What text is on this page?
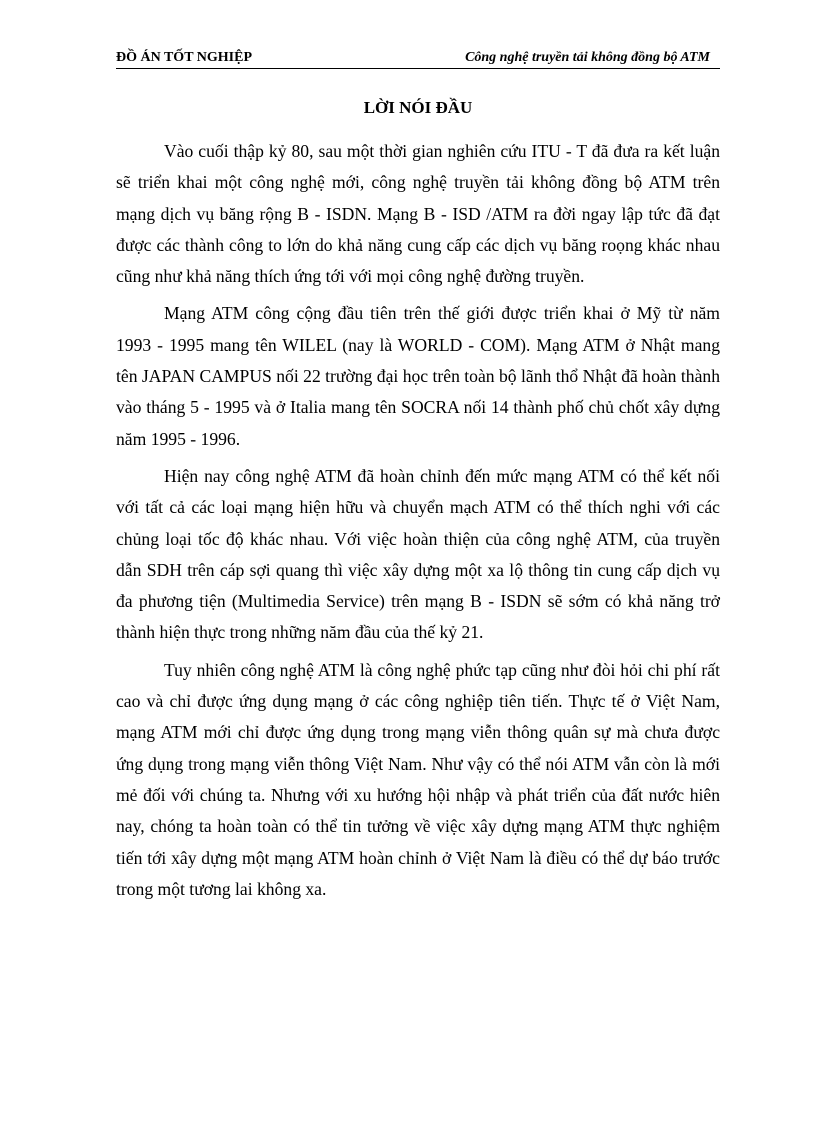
ĐỒ ÁN TỐT NGHIỆP	Công nghệ truyền tải không đồng bộ ATM
LỜI NÓI ĐẦU

Vào cuối thập kỷ 80, sau một thời gian nghiên cứu ITU - T đã đưa ra kết luận sẽ triển khai một công nghệ mới, công nghệ truyền tải không đồng bộ ATM trên mạng dịch vụ băng rộng B - ISDN. Mạng B - ISD /ATM ra đời ngay lập tức đã đạt được các thành công to lớn do khả năng cung cấp các dịch vụ băng roọng khác nhau cũng như khả năng thích ứng tới với mọi công nghệ đường truyền.

Mạng ATM công cộng đầu tiên trên thế giới được triển khai ở Mỹ từ năm 1993 - 1995 mang tên WILEL (nay là WORLD - COM). Mạng ATM ở Nhật mang tên JAPAN CAMPUS nối 22 trường đại học trên toàn bộ lãnh thổ Nhật đã hoàn thành vào tháng 5 - 1995 và ở Italia mang tên SOCRA nối 14 thành phố chủ chốt xây dựng năm 1995 - 1996.

Hiện nay công nghệ ATM đã hoàn chỉnh đến mức mạng ATM có thể kết nối với tất cả các loại mạng hiện hữu và chuyển mạch ATM có thể thích nghi với các chủng loại tốc độ khác nhau. Với việc hoàn thiện của công nghệ ATM, của truyền dẫn SDH trên cáp sợi quang thì việc xây dựng một xa lộ thông tin cung cấp dịch vụ đa phương tiện (Multimedia Service) trên mạng B - ISDN sẽ sớm có khả năng trở thành hiện thực trong những năm đầu của thế kỷ 21.

Tuy nhiên công nghệ ATM là công nghệ phức tạp cũng như đòi hỏi chi phí rất cao và chỉ được ứng dụng mạng ở các công nghiệp tiên tiến. Thực tế ở Việt Nam, mạng ATM mới chỉ được ứng dụng trong mạng viễn thông quân sự mà chưa được ứng dụng trong mạng viễn thông Việt Nam. Như vậy có thể nói ATM vẫn còn là mới mẻ đối với chúng ta. Nhưng với xu hướng hội nhập và phát triển của đất nước hiên nay, chóng ta hoàn toàn có thể tin tưởng về việc xây dựng mạng ATM thực nghiệm tiến tới xây dựng một mạng ATM hoàn chỉnh ở Việt Nam là điều có thể dự báo trước trong một tương lai không xa.
